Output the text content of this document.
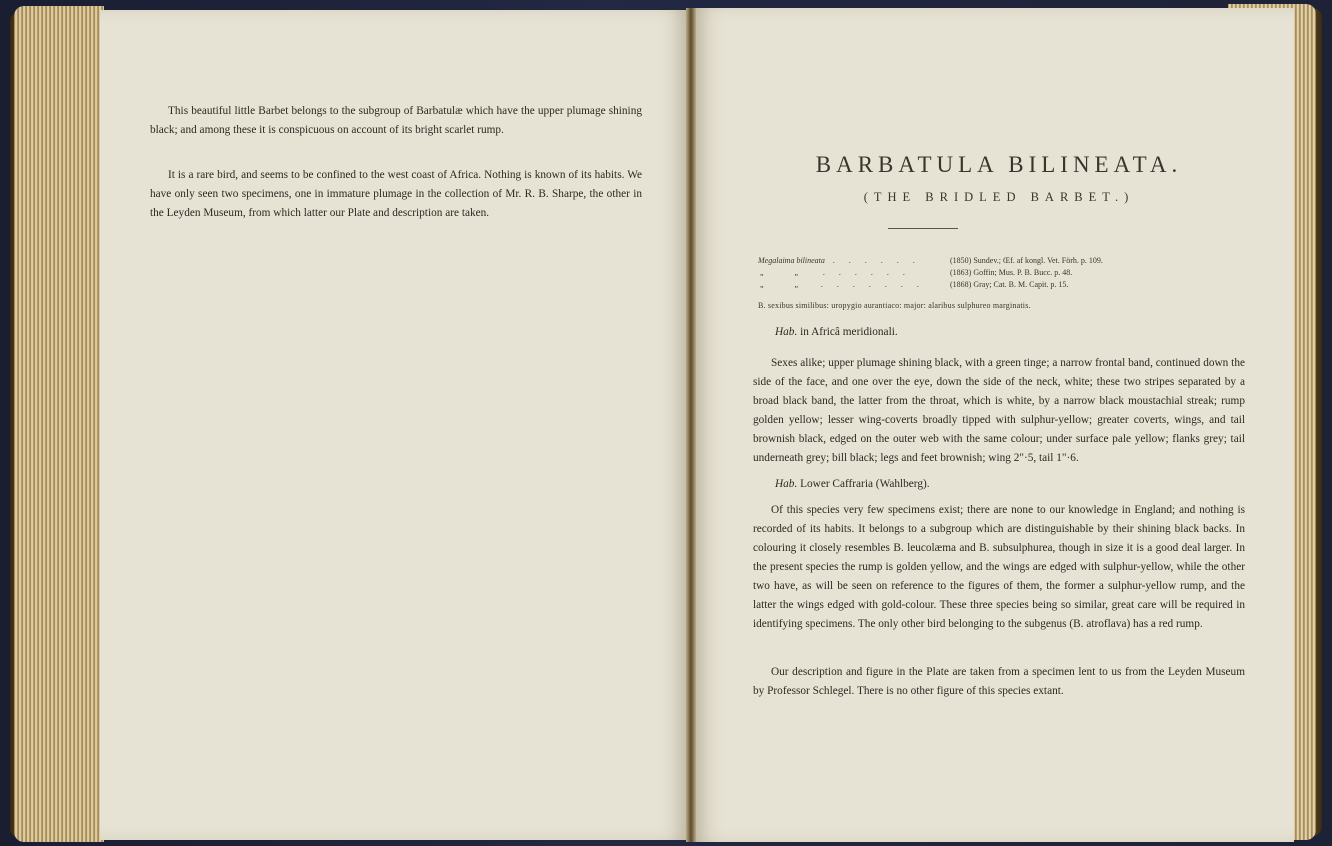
This beautiful little Barbet belongs to the subgroup of Barbatulæ which have the upper plumage shining black; and among these it is conspicuous on account of its bright scarlet rump.

It is a rare bird, and seems to be confined to the west coast of Africa. Nothing is known of its habits. We have only seen two specimens, one in immature plumage in the collection of Mr. R. B. Sharpe, the other in the Leyden Museum, from which latter our Plate and description are taken.

BARBATULA BILINEATA.
(THE BRIDLED BARBET.)
Megalaima bilineata . . . . . .	(1850) Sundev.; Œf. af kongl. Vet. Förh. p. 109.
„ „ . . . . . .	(1863) Goffin; Mus. P. B. Bucc. p. 48.
„ „ . . . . . . .	(1868) Gray; Cat. B. M. Capit. p. 15.
B. sexibus similibus: uropygio aurantiaco: major: alaribus sulphureo marginatis.
Hab. in Africâ meridionali.

Sexes alike; upper plumage shining black, with a green tinge; a narrow frontal band, continued down the side of the face, and one over the eye, down the side of the neck, white; these two stripes separated by a broad black band, the latter from the throat, which is white, by a narrow black moustachial streak; rump golden yellow; lesser wing-coverts broadly tipped with sulphur-yellow; greater coverts, wings, and tail brownish black, edged on the outer web with the same colour; under surface pale yellow; flanks grey; tail underneath grey; bill black; legs and feet brownish; wing 2"·5, tail 1"·6.

Hab. Lower Caffraria (Wahlberg).

Of this species very few specimens exist; there are none to our knowledge in England; and nothing is recorded of its habits. It belongs to a subgroup which are distinguishable by their shining black backs. In colouring it closely resembles B. leucolæma and B. subsulphurea, though in size it is a good deal larger. In the present species the rump is golden yellow, and the wings are edged with sulphur-yellow, while the other two have, as will be seen on reference to the figures of them, the former a sulphur-yellow rump, and the latter the wings edged with gold-colour. These three species being so similar, great care will be required in identifying specimens. The only other bird belonging to the subgenus (B. atroflava) has a red rump.

Our description and figure in the Plate are taken from a specimen lent to us from the Leyden Museum by Professor Schlegel. There is no other figure of this species extant.
